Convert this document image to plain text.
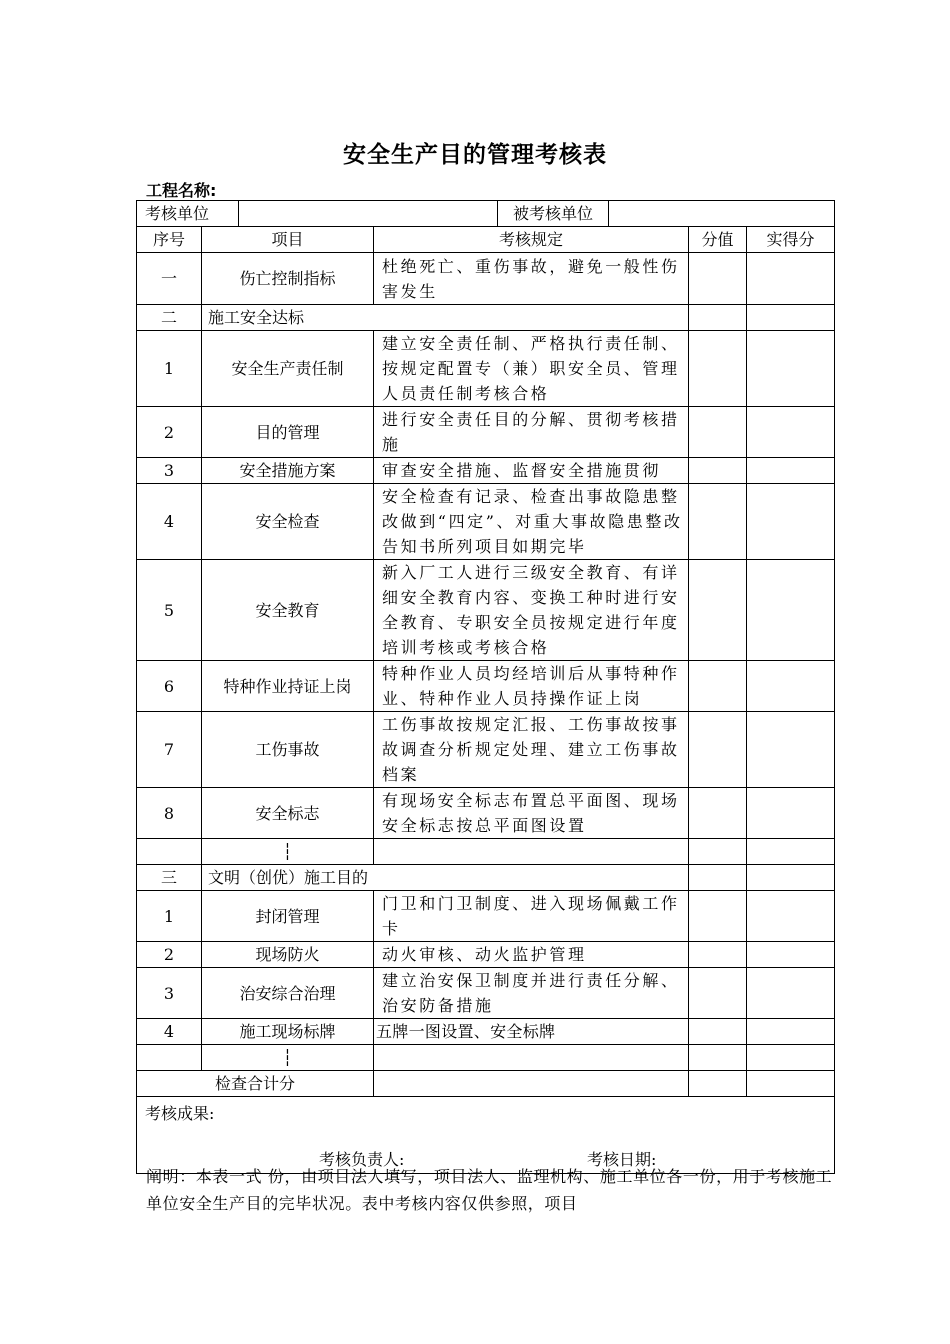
安全生产目的管理考核表
工程名称:
考核单位 被考核单位				

序号	项目	考核规定	分值	实得分
一	伤亡控制指标	杜绝死亡、重伤事故，避免一般性伤害发生		
二	施工安全达标			
1	安全生产责任制	建立安全责任制、严格执行责任制、按规定配置专（兼）职安全员、管理人员责任制考核合格		
2	目的管理	进行安全责任目的分解、贯彻考核措施		
3	安全措施方案	审查安全措施、监督安全措施贯彻		
4	安全检查	安全检查有记录、检查出事故隐患整改做到“四定”、对重大事故隐患整改告知书所列项目如期完毕		
5	安全教育	新入厂工人进行三级安全教育、有详细安全教育内容、变换工种时进行安全教育、专职安全员按规定进行年度培训考核或考核合格		
6	特种作业持证上岗	特种作业人员均经培训后从事特种作业、特种作业人员持操作证上岗		
7	工伤事故	工伤事故按规定汇报、工伤事故按事故调查分析规定处理、建立工伤事故档案		
8	安全标志	有现场安全标志布置总平面图、现场安全标志按总平面图设置		
	┆			
三	文明（创优）施工目的			
1	封闭管理	门卫和门卫制度、进入现场佩戴工作卡		
2	现场防火	动火审核、动火监护管理		
3	治安综合治理	建立治安保卫制度并进行责任分解、治安防备措施		
4	施工现场标牌	五牌一图设置、安全标牌		
	┆			
检查合计分				

考核成果:
考核负责人: 考核日期:				
阐明：本表一式 份，由项目法人填写，项目法人、监理机构、施工单位各一份，用于考核施工单位安全生产目的完毕状况。表中考核内容仅供参照，项目
